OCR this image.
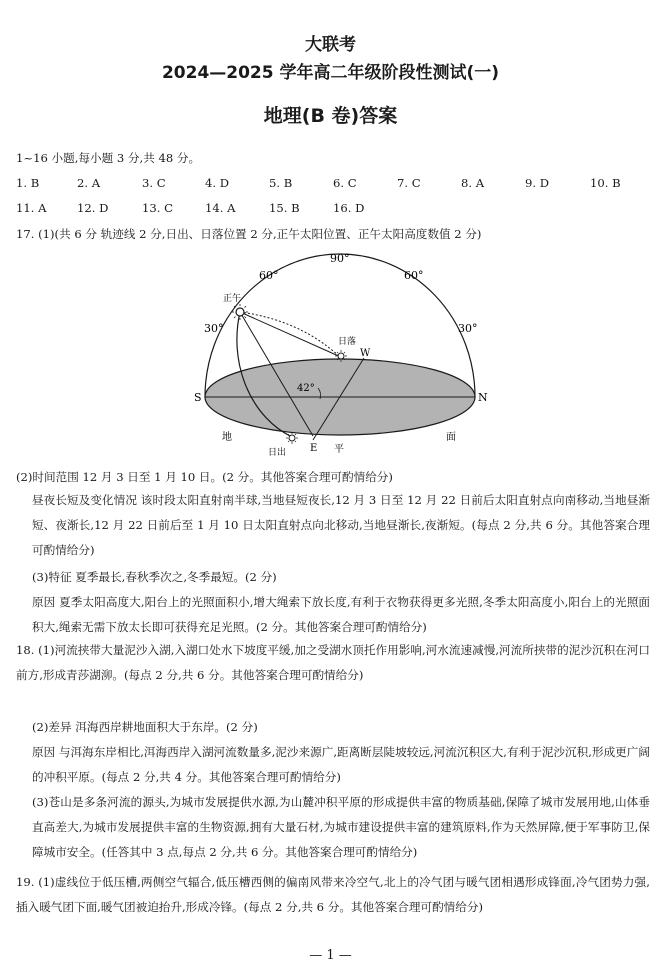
大联考
2024—2025 学年高二年级阶段性测试(一)
地理(B 卷)答案
1~16 小题,每小题 3 分,共 48 分。
1. B	2. A	3. C	4. D	5. B	6. C	7. C	8. A	9. D	10. B
11. A	12. D	13. C	14. A	15. B	16. D
17. (1)(共 6 分 轨迹线 2 分,日出、日落位置 2 分,正午太阳位置、正午太阳高度数值 2 分)
90°
60°	60°
30°	30°
正午
日落
W
42°
S	N
地
平
面
日出 E
(2)时间范围 12 月 3 日至 1 月 10 日。(2 分。其他答案合理可酌情给分)
昼夜长短及变化情况 该时段太阳直射南半球,当地昼短夜长,12 月 3 日至 12 月 22 日前后太阳直射点向南移动,当地昼渐短、夜渐长,12 月 22 日前后至 1 月 10 日太阳直射点向北移动,当地昼渐长,夜渐短。(每点 2 分,共 6 分。其他答案合理可酌情给分)
(3)特征 夏季最长,春秋季次之,冬季最短。(2 分)
原因 夏季太阳高度大,阳台上的光照面积小,增大绳索下放长度,有利于衣物获得更多光照,冬季太阳高度小,阳台上的光照面积大,绳索无需下放太长即可获得充足光照。(2 分。其他答案合理可酌情给分)
18. (1)河流挟带大量泥沙入湖,入湖口处水下坡度平缓,加之受湖水顶托作用影响,河水流速减慢,河流所挟带的泥沙沉积在河口前方,形成青莎湖泖。(每点 2 分,共 6 分。其他答案合理可酌情给分)
(2)差异 洱海西岸耕地面积大于东岸。(2 分)
原因 与洱海东岸相比,洱海西岸入湖河流数量多,泥沙来源广,距离断层陡坡较远,河流沉积区大,有利于泥沙沉积,形成更广阔的冲积平原。(每点 2 分,共 4 分。其他答案合理可酌情给分)
(3)苍山是多条河流的源头,为城市发展提供水源,为山麓冲积平原的形成提供丰富的物质基础,保障了城市发展用地,山体垂直高差大,为城市发展提供丰富的生物资源,拥有大量石材,为城市建设提供丰富的建筑原料,作为天然屏障,便于军事防卫,保障城市安全。(任答其中 3 点,每点 2 分,共 6 分。其他答案合理可酌情给分)
19. (1)虚线位于低压槽,两侧空气辐合,低压槽西侧的偏南风带来冷空气,北上的冷气团与暖气团相遇形成锋面,冷气团势力强,插入暖气团下面,暖气团被迫抬升,形成冷锋。(每点 2 分,共 6 分。其他答案合理可酌情给分)
— 1 —
